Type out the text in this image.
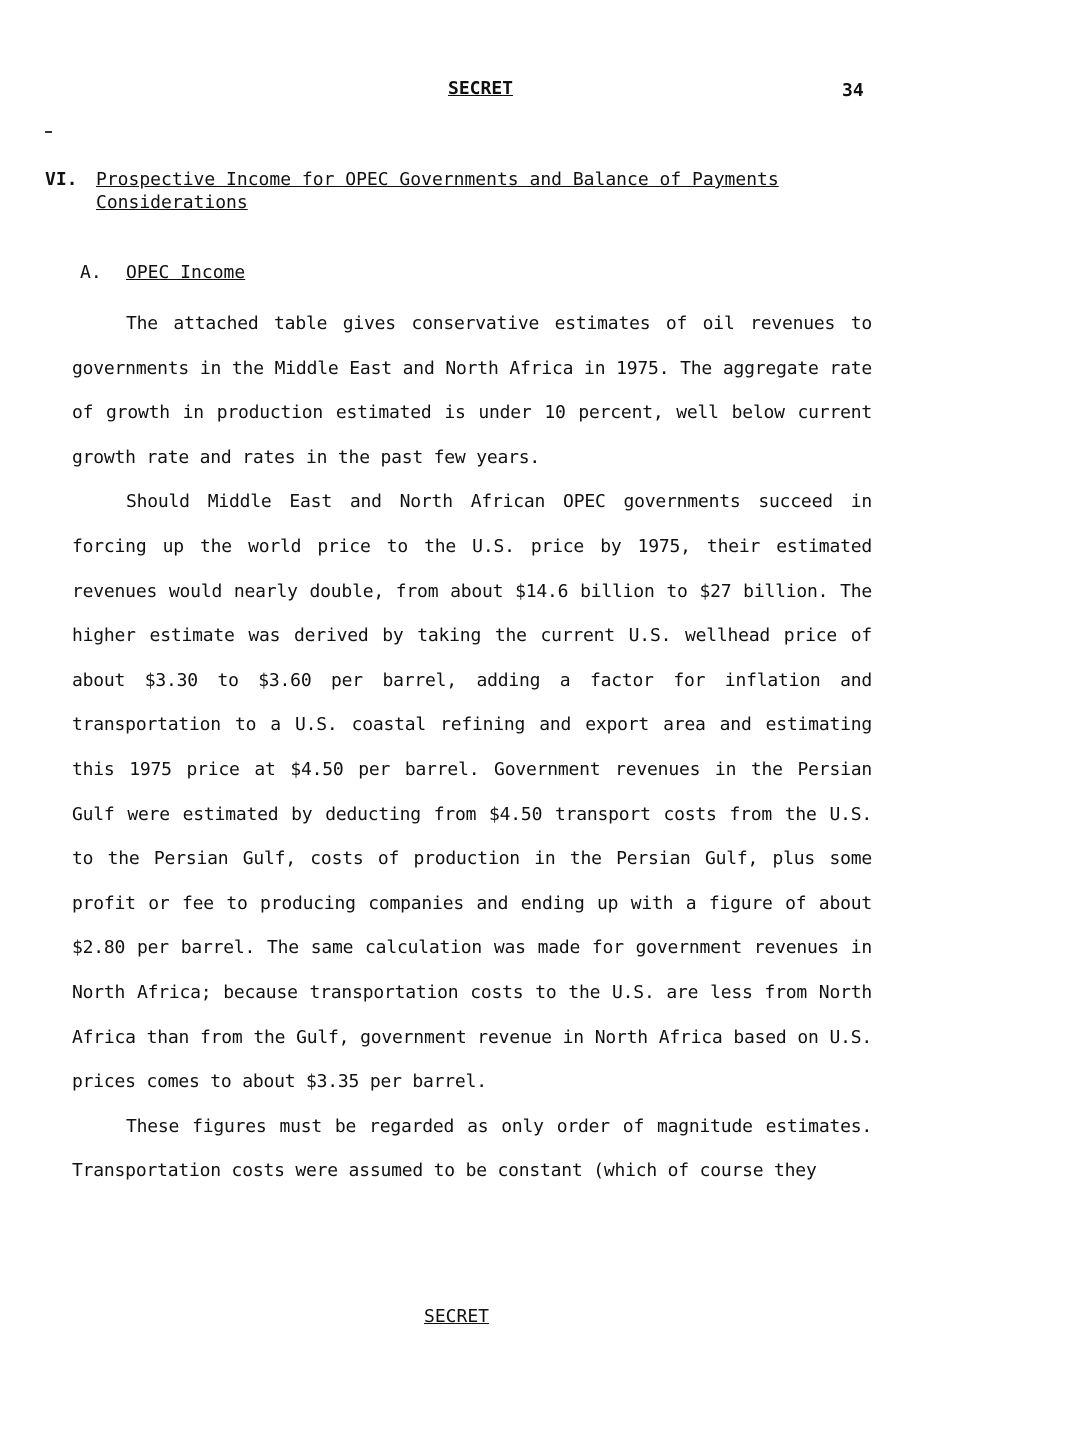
SECRET	34
VI. Prospective Income for OPEC Governments and Balance of Payments Considerations
A. OPEC Income

The attached table gives conservative estimates of oil revenues to governments in the Middle East and North Africa in 1975. The aggregate rate of growth in production estimated is under 10 percent, well below current growth rate and rates in the past few years.

Should Middle East and North African OPEC governments succeed in forcing up the world price to the U.S. price by 1975, their estimated revenues would nearly double, from about $14.6 billion to $27 billion. The higher estimate was derived by taking the current U.S. wellhead price of about $3.30 to $3.60 per barrel, adding a factor for inflation and transportation to a U.S. coastal refining and export area and estimating this 1975 price at $4.50 per barrel. Government revenues in the Persian Gulf were estimated by deducting from $4.50 transport costs from the U.S. to the Persian Gulf, costs of production in the Persian Gulf, plus some profit or fee to producing companies and ending up with a figure of about $2.80 per barrel. The same calculation was made for government revenues in North Africa; because transportation costs to the U.S. are less from North Africa than from the Gulf, government revenue in North Africa based on U.S. prices comes to about $3.35 per barrel.

These figures must be regarded as only order of magnitude estimates. Transportation costs were assumed to be constant (which of course they

SECRET
